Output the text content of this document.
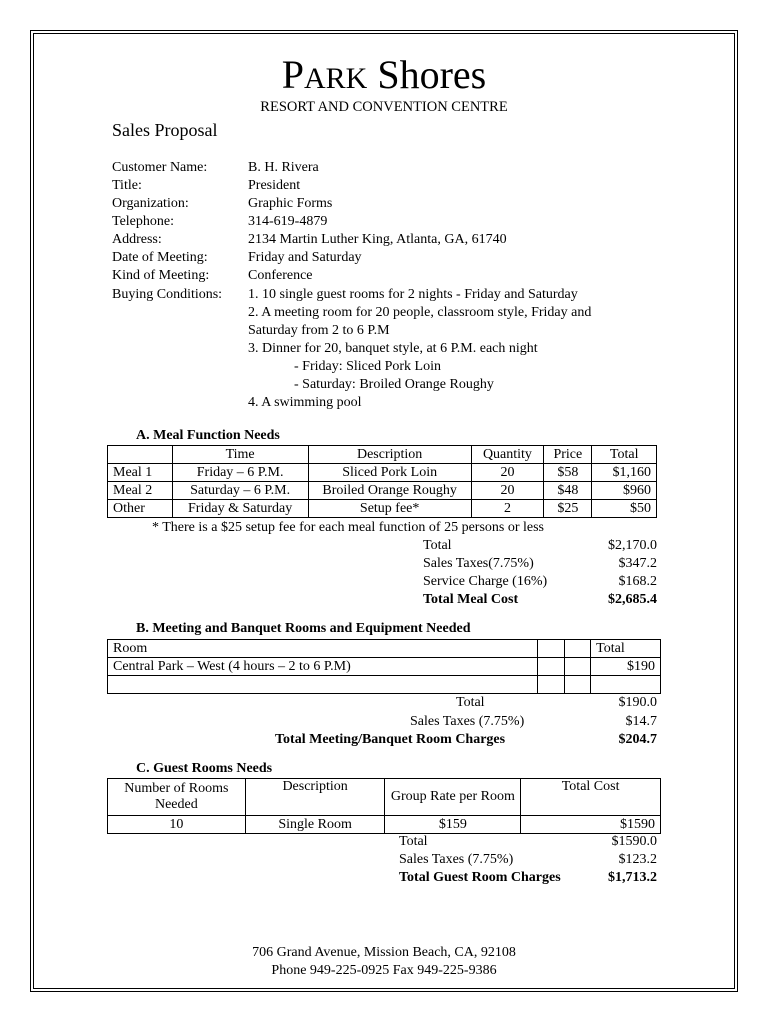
PARK Shores
RESORT AND CONVENTION CENTRE
Sales Proposal
Customer Name:	B. H. Rivera
Title:	President
Organization:	Graphic Forms
Telephone:	314-619-4879
Address:	2134 Martin Luther King, Atlanta, GA, 61740
Date of Meeting:	Friday and Saturday
Kind of Meeting:	Conference
Buying Conditions: 1. 10 single guest rooms for 2 nights - Friday and Saturday
2. A meeting room for 20 people, classroom style, Friday and
Saturday from 2 to 6 P.M
3. Dinner for 20, banquet style, at 6 P.M. each night
- Friday: Sliced Pork Loin
- Saturday: Broiled Orange Roughy
4. A swimming pool
A. Meal Function Needs
	Time	Description	Quantity	Price	Total
Meal 1	Friday – 6 P.M.	Sliced Pork Loin	20	$58	$1,160
Meal 2	Saturday – 6 P.M.	Broiled Orange Roughy	20	$48	$960
Other	Friday & Saturday	Setup fee*	2	$25	$50
* There is a $25 setup fee for each meal function of 25 persons or less
Total	$2,170.0
Sales Taxes(7.75%)	$347.2
Service Charge (16%)	$168.2
Total Meal Cost	$2,685.4
B. Meeting and Banquet Rooms and Equipment Needed
Room			Total
Central Park – West (4 hours – 2 to 6 P.M)			$190

Total	$190.0
Sales Taxes (7.75%)	$14.7
Total Meeting/Banquet Room Charges	$204.7
C. Guest Rooms Needs
Number of Rooms Needed	Description	Group Rate per Room	Total Cost
10	Single Room	$159	$1590
Total	$1590.0
Sales Taxes (7.75%)	$123.2
Total Guest Room Charges	$1,713.2
706 Grand Avenue, Mission Beach, CA, 92108
Phone 949-225-0925 Fax 949-225-9386
